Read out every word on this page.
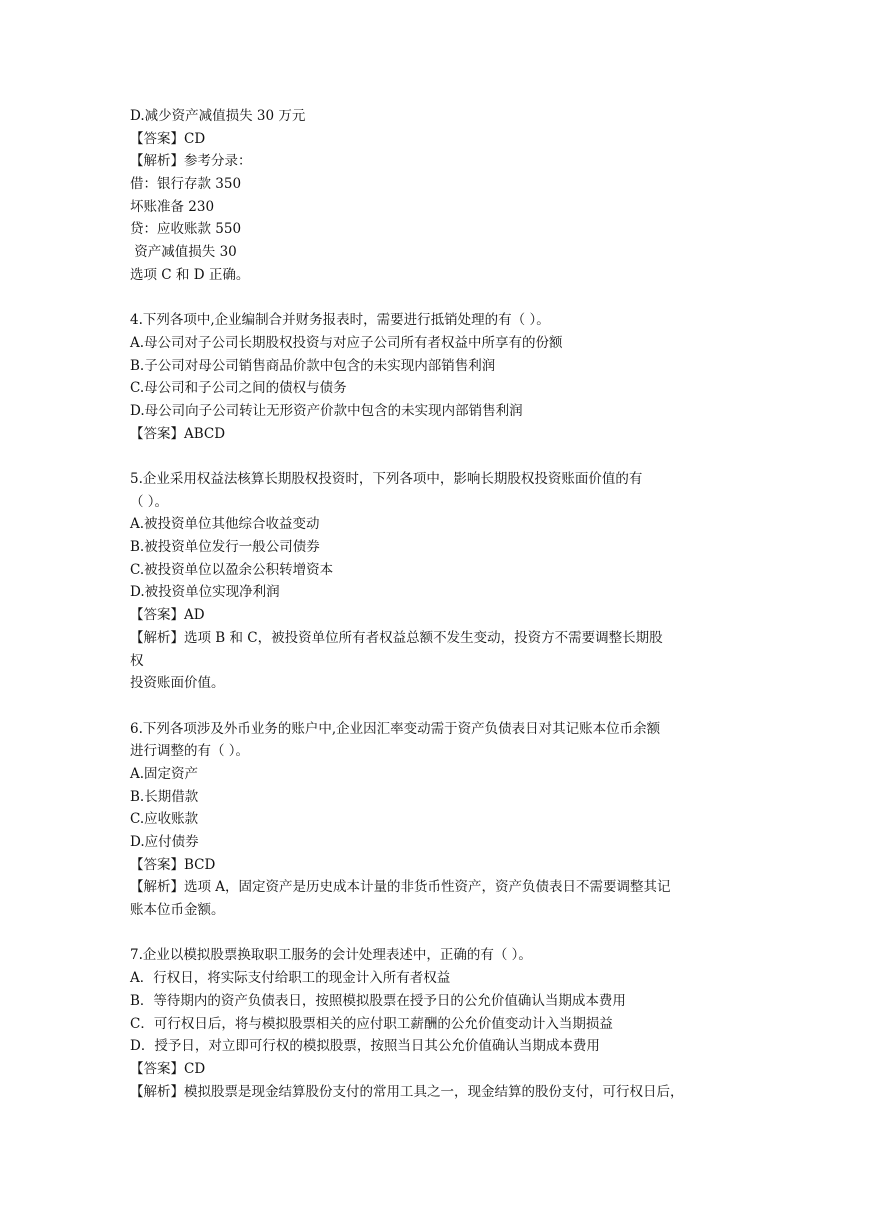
D.减少资产减值损失 30 万元
【答案】CD
【解析】参考分录：
借：银行存款 350
坏账准备 230
贷：应收账款 550
资产减值损失 30
选项 C 和 D 正确。
4.下列各项中,企业编制合并财务报表时，需要进行抵销处理的有（ ）。
A.母公司对子公司长期股权投资与对应子公司所有者权益中所享有的份额
B.子公司对母公司销售商品价款中包含的未实现内部销售利润
C.母公司和子公司之间的债权与债务
D.母公司向子公司转让无形资产价款中包含的未实现内部销售利润
【答案】ABCD
5.企业采用权益法核算长期股权投资时，下列各项中，影响长期股权投资账面价值的有
（ ）。
A.被投资单位其他综合收益变动
B.被投资单位发行一般公司债券
C.被投资单位以盈余公积转增资本
D.被投资单位实现净利润
【答案】AD
【解析】选项 B 和 C，被投资单位所有者权益总额不发生变动，投资方不需要调整长期股
权
投资账面价值。
6.下列各项涉及外币业务的账户中,企业因汇率变动需于资产负债表日对其记账本位币余额
进行调整的有（ ）。
A.固定资产
B.长期借款
C.应收账款
D.应付债券
【答案】BCD
【解析】选项 A，固定资产是历史成本计量的非货币性资产，资产负债表日不需要调整其记
账本位币金额。
7.企业以模拟股票换取职工服务的会计处理表述中，正确的有（ ）。
A．行权日，将实际支付给职工的现金计入所有者权益
B．等待期内的资产负债表日，按照模拟股票在授予日的公允价值确认当期成本费用
C．可行权日后，将与模拟股票相关的应付职工薪酬的公允价值变动计入当期损益
D．授予日，对立即可行权的模拟股票，按照当日其公允价值确认当期成本费用
【答案】CD
【解析】模拟股票是现金结算股份支付的常用工具之一，现金结算的股份支付，可行权日后，
